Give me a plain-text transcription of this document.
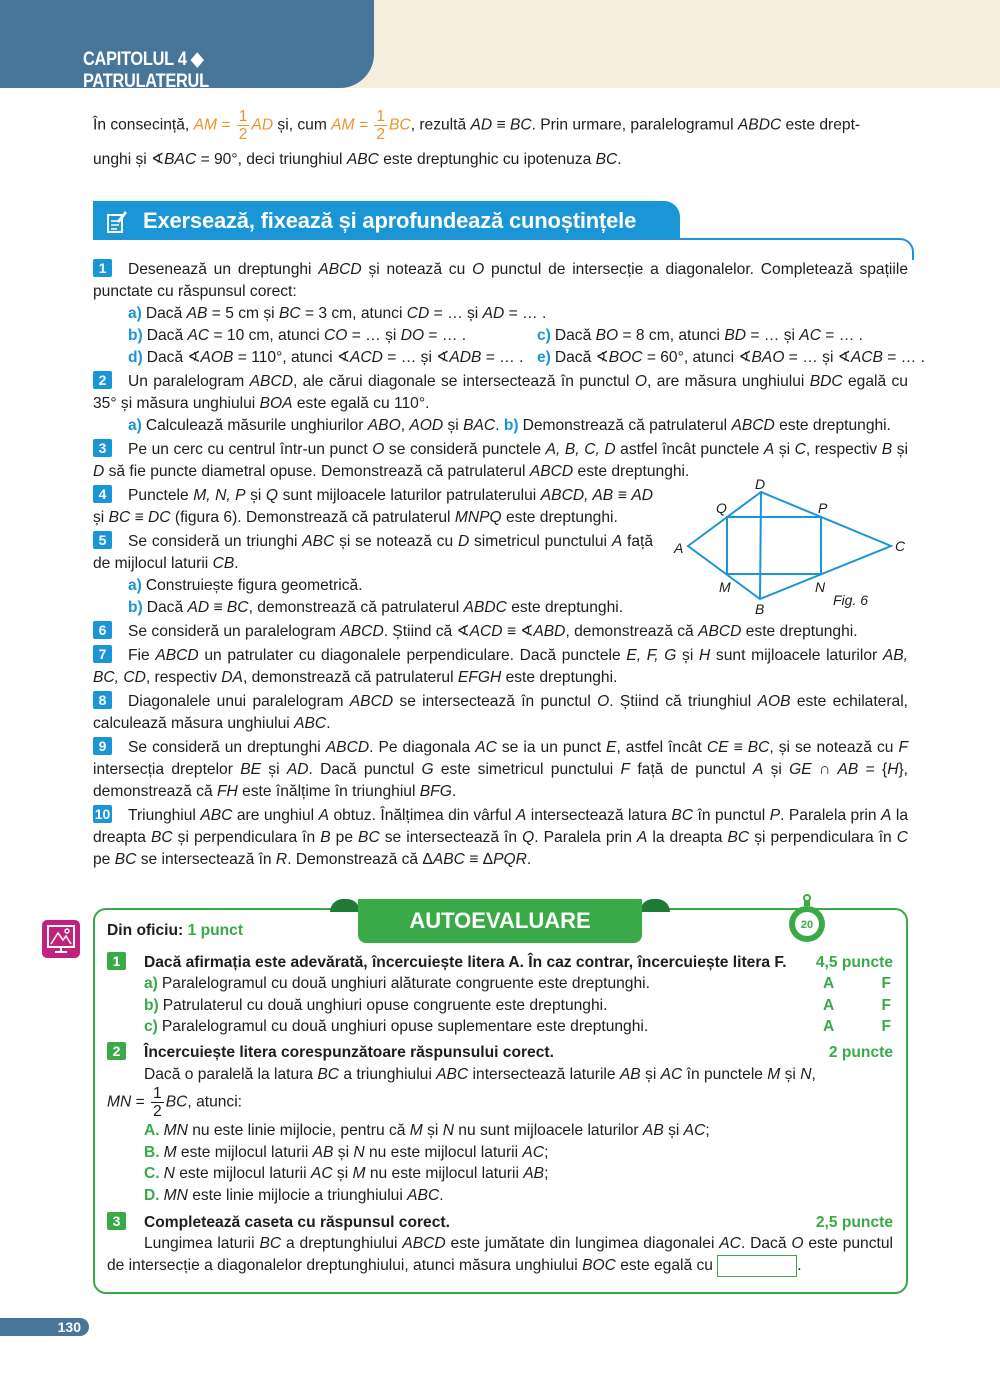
CAPITOLUL 4 ◆ PATRULATERUL
În consecință, AM = $\frac{1}{2}$ AD și, cum AM = $\frac{1}{2}$ BC, rezultă AD ≡ BC. Prin urmare, paralelogramul ABDC este drept-
unghi și ∢BAC = 90°, deci triunghiul ABC este dreptunghic cu ipotenuza BC.
Exersează, fixează și aprofundează cunoștințele
1 Desenează un dreptunghi ABCD și notează cu O punctul de intersecție a diagonalelor. Completează spațiile punctate cu răspunsul corect:
a) Dacă AB = 5 cm și BC = 3 cm, atunci CD = … și AD = … .
b) Dacă AC = 10 cm, atunci CO = … și DO = … .	c) Dacă BO = 8 cm, atunci BD = … și AC = … .
d) Dacă ∢AOB = 110°, atunci ∢ACD = … și ∢ADB = … . e) Dacă ∢BOC = 60°, atunci ∢BAO = … și ∢ACB = … .
2 Un paralelogram ABCD, ale cărui diagonale se intersectează în punctul O, are măsura unghiului BDC egală cu 35° și măsura unghiului BOA este egală cu 110°.
a) Calculează măsurile unghiurilor ABO, AOD și BAC. b) Demonstrează că patrulaterul ABCD este dreptunghi.
3 Pe un cerc cu centrul într-un punct O se consideră punctele A, B, C, D astfel încât punctele A și C, respectiv B și D să fie puncte diametral opuse. Demonstrează că patrulaterul ABCD este dreptunghi.
4 Punctele M, N, P și Q sunt mijloacele laturilor patrulaterului ABCD, AB ≡ AD și BC ≡ DC (figura 6). Demonstrează că patrulaterul MNPQ este dreptunghi.
5 Se consideră un triunghi ABC și se notează cu D simetricul punctului A față de mijlocul laturii CB.
a) Construiește figura geometrică.
b) Dacă AD ≡ BC, demonstrează că patrulaterul ABDC este dreptunghi.
6 Se consideră un paralelogram ABCD. Știind că ∢ACD ≡ ∢ABD, demonstrează că ABCD este dreptunghi.
7 Fie ABCD un patrulater cu diagonalele perpendiculare. Dacă punctele E, F, G și H sunt mijloacele laturilor AB, BC, CD, respectiv DA, demonstrează că patrulaterul EFGH este dreptunghi.
8 Diagonalele unui paralelogram ABCD se intersectează în punctul O. Știind că triunghiul AOB este echilateral, calculează măsura unghiului ABC.
9 Se consideră un dreptunghi ABCD. Pe diagonala AC se ia un punct E, astfel încât CE ≡ BC, și se notează cu F intersecția dreptelor BE și AD. Dacă punctul G este simetricul punctului F față de punctul A și GE ∩ AB = {H}, demonstrează că FH este înălțime în triunghiul BFG.
10 Triunghiul ABC are unghiul A obtuz. Înălțimea din vârful A intersectează latura BC în punctul P. Paralela prin A la dreapta BC și perpendiculara în B pe BC se intersectează în Q. Paralela prin A la dreapta BC și perpendiculara în C pe BC se intersectează în R. Demonstrează că ΔABC ≡ ΔPQR.
A
D
C
B
Q	P
M	N
Fig. 6
AUTOEVALUARE	20
Din oficiu: 1 punct
1 Dacă afirmația este adevărată, încercuiește litera A. În caz contrar, încercuiește litera F. 4,5 puncte
a) Paralelogramul cu două unghiuri alăturate congruente este dreptunghi.	A	F
b) Patrulaterul cu două unghiuri opuse congruente este dreptunghi.	A	F
c) Paralelogramul cu două unghiuri opuse suplementare este dreptunghi.	A	F
2 Încercuiește litera corespunzătoare răspunsului corect.	2 puncte
Dacă o paralelă la latura BC a triunghiului ABC intersectează laturile AB și AC în punctele M și N,
MN = $\frac{1}{2}$ BC, atunci:
A. MN nu este linie mijlocie, pentru că M și N nu sunt mijloacele laturilor AB și AC;
B. M este mijlocul laturii AB și N nu este mijlocul laturii AC;
C. N este mijlocul laturii AC și M nu este mijlocul laturii AB;
D. MN este linie mijlocie a triunghiului ABC.
3 Completează caseta cu răspunsul corect.	2,5 puncte
Lungimea laturii BC a dreptunghiului ABCD este jumătate din lungimea diagonalei AC. Dacă O este punctul de intersecție a diagonalelor dreptunghiului, atunci măsura unghiului BOC este egală cu	.
130
